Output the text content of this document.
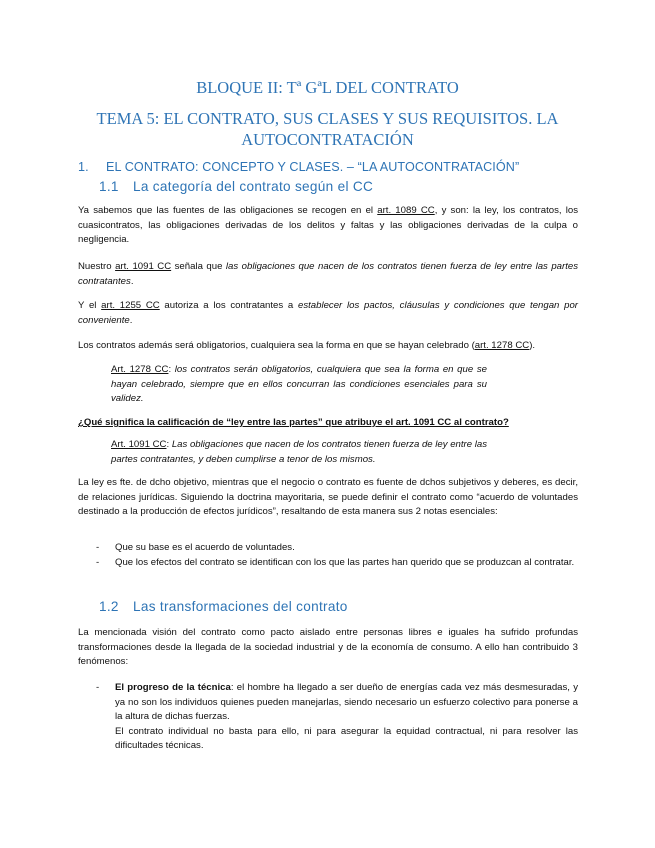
BLOQUE II: Tª GªL DEL CONTRATO
TEMA 5: EL CONTRATO, SUS CLASES Y SUS REQUISITOS. LA AUTOCONTRATACIÓN
1. EL CONTRATO: CONCEPTO Y CLASES. – “LA AUTOCONTRATACIÓN”
1.1 La categoría del contrato según el CC
Ya sabemos que las fuentes de las obligaciones se recogen en el art. 1089 CC, y son: la ley, los contratos, los cuasicontratos, las obligaciones derivadas de los delitos y faltas y las obligaciones derivadas de la culpa o negligencia.
Nuestro art. 1091 CC señala que las obligaciones que nacen de los contratos tienen fuerza de ley entre las partes contratantes.
Y el art. 1255 CC autoriza a los contratantes a establecer los pactos, cláusulas y condiciones que tengan por conveniente.
Los contratos además será obligatorios, cualquiera sea la forma en que se hayan celebrado (art. 1278 CC).
Art. 1278 CC: los contratos serán obligatorios, cualquiera que sea la forma en que se hayan celebrado, siempre que en ellos concurran las condiciones esenciales para su validez.
¿Qué significa la calificación de “ley entre las partes” que atribuye el art. 1091 CC al contrato?
Art. 1091 CC: Las obligaciones que nacen de los contratos tienen fuerza de ley entre las partes contratantes, y deben cumplirse a tenor de los mismos.
La ley es fte. de dcho objetivo, mientras que el negocio o contrato es fuente de dchos subjetivos y deberes, es decir, de relaciones jurídicas. Siguiendo la doctrina mayoritaria, se puede definir el contrato como “acuerdo de voluntades destinado a la producción de efectos jurídicos”, resaltando de esta manera sus 2 notas esenciales:
- Que su base es el acuerdo de voluntades.
- Que los efectos del contrato se identifican con los que las partes han querido que se produzcan al contratar.
1.2 Las transformaciones del contrato
La mencionada visión del contrato como pacto aislado entre personas libres e iguales ha sufrido profundas transformaciones desde la llegada de la sociedad industrial y de la economía de consumo. A ello han contribuido 3 fenómenos:
- El progreso de la técnica: el hombre ha llegado a ser dueño de energías cada vez más desmesuradas, y ya no son los individuos quienes pueden manejarlas, siendo necesario un esfuerzo colectivo para ponerse a la altura de dichas fuerzas.
El contrato individual no basta para ello, ni para asegurar la equidad contractual, ni para resolver las dificultades técnicas.
